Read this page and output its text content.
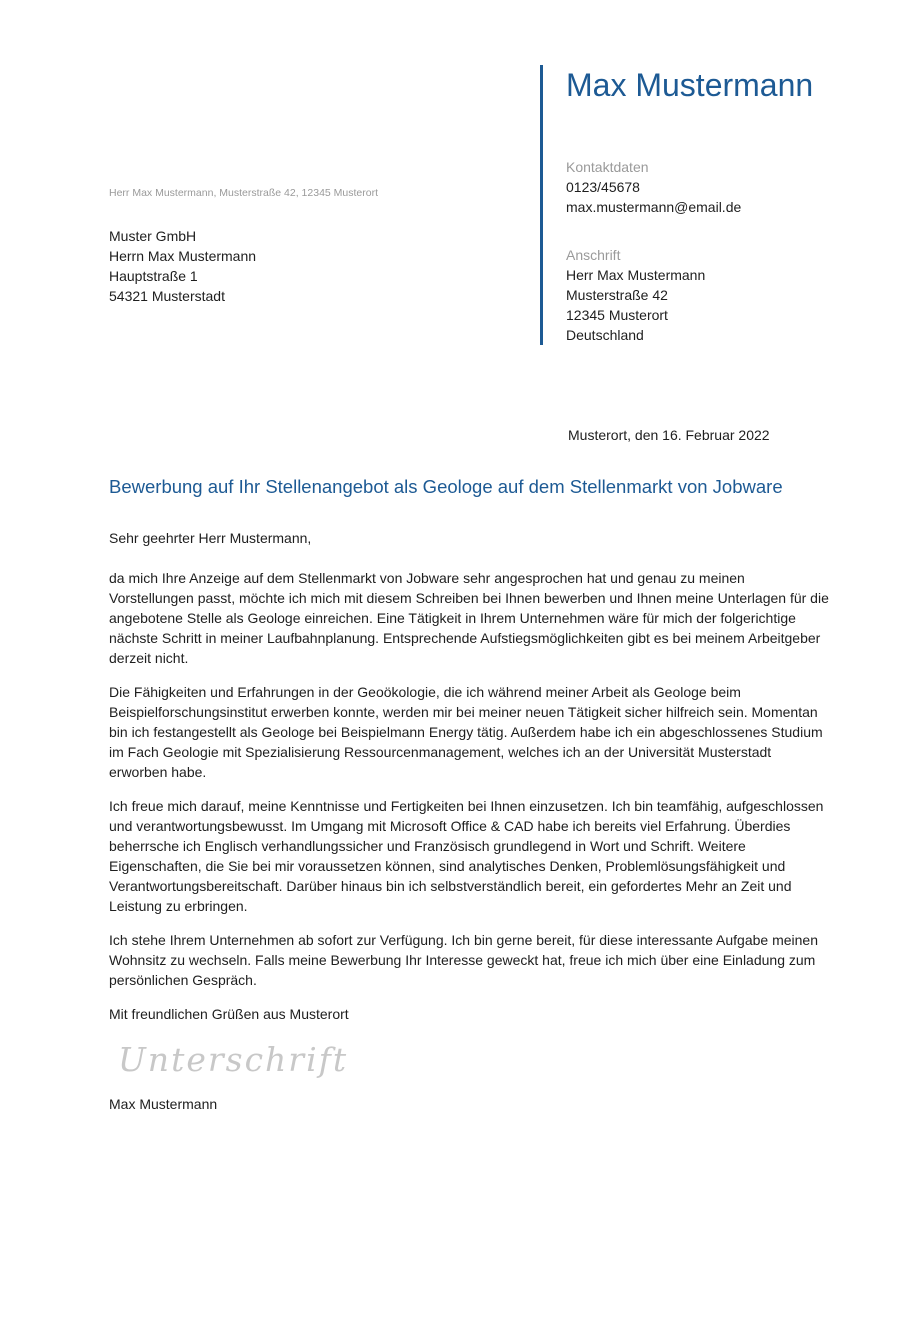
Max Mustermann
Kontaktdaten
0123/45678
max.mustermann@email.de
Anschrift
Herr Max Mustermann
Musterstraße 42
12345 Musterort
Deutschland
Herr Max Mustermann, Musterstraße 42, 12345 Musterort
Muster GmbH
Herrn Max Mustermann
Hauptstraße 1
54321 Musterstadt
Musterort, den 16. Februar 2022
Bewerbung auf Ihr Stellenangebot als Geologe auf dem Stellenmarkt von Jobware

Sehr geehrter Herr Mustermann,

da mich Ihre Anzeige auf dem Stellenmarkt von Jobware sehr angesprochen hat und genau zu meinen Vorstellungen passt, möchte ich mich mit diesem Schreiben bei Ihnen bewerben und Ihnen meine Unterlagen für die angebotene Stelle als Geologe einreichen. Eine Tätigkeit in Ihrem Unternehmen wäre für mich der folgerichtige nächste Schritt in meiner Laufbahnplanung. Entsprechende Aufstiegsmöglichkeiten gibt es bei meinem Arbeitgeber derzeit nicht.

Die Fähigkeiten und Erfahrungen in der Geoökologie, die ich während meiner Arbeit als Geologe beim Beispielforschungsinstitut erwerben konnte, werden mir bei meiner neuen Tätigkeit sicher hilfreich sein. Momentan bin ich festangestellt als Geologe bei Beispielmann Energy tätig. Außerdem habe ich ein abgeschlossenes Studium im Fach Geologie mit Spezialisierung Ressourcenmanagement, welches ich an der Universität Musterstadt erworben habe.

Ich freue mich darauf, meine Kenntnisse und Fertigkeiten bei Ihnen einzusetzen. Ich bin teamfähig, aufgeschlossen und verantwortungsbewusst. Im Umgang mit Microsoft Office & CAD habe ich bereits viel Erfahrung. Überdies beherrsche ich Englisch verhandlungssicher und Französisch grundlegend in Wort und Schrift. Weitere Eigenschaften, die Sie bei mir voraussetzen können, sind analytisches Denken, Problemlösungsfähigkeit und Verantwortungsbereitschaft. Darüber hinaus bin ich selbstverständlich bereit, ein gefordertes Mehr an Zeit und Leistung zu erbringen.

Ich stehe Ihrem Unternehmen ab sofort zur Verfügung. Ich bin gerne bereit, für diese interessante Aufgabe meinen Wohnsitz zu wechseln. Falls meine Bewerbung Ihr Interesse geweckt hat, freue ich mich über eine Einladung zum persönlichen Gespräch.

Mit freundlichen Grüßen aus Musterort

Unterschrift
Max Mustermann
